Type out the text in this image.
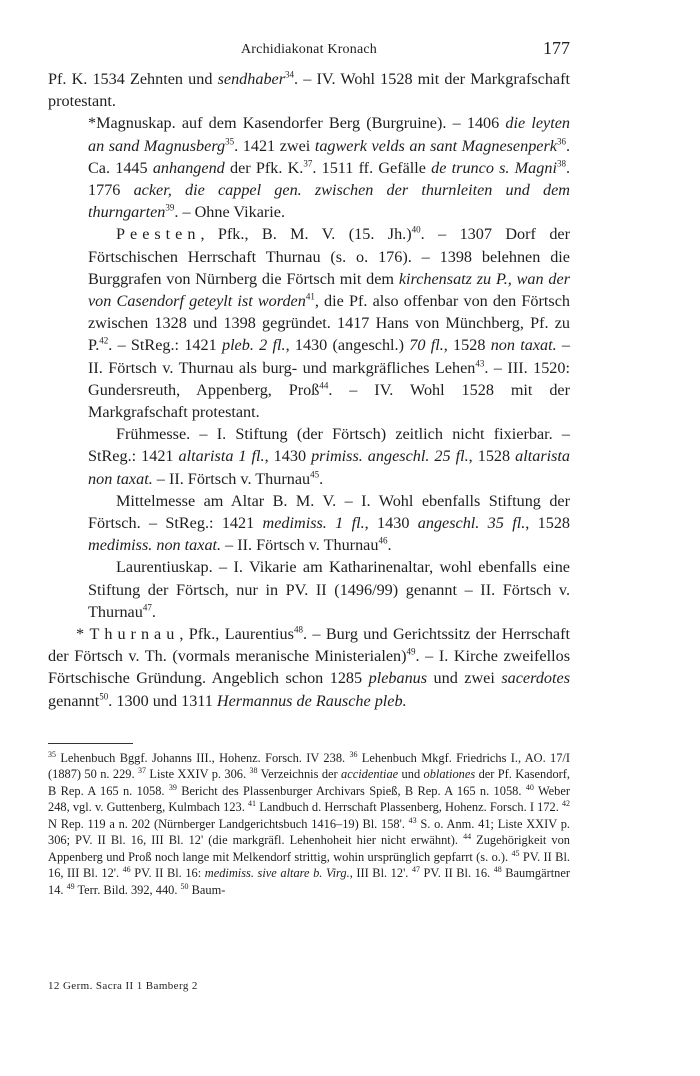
Archidiakonat Kronach	177

Pf. K. 1534 Zehnten und sendhaber$^{34}$. – IV. Wohl 1528 mit der Markgrafschaft protestant.

*Magnuskap. auf dem Kasendorfer Berg (Burgruine). – 1406 die leyten an sand Magnusberg$^{35}$. 1421 zwei tagwerk velds an sant Magnesenperk$^{36}$. Ca. 1445 anhangend der Pfk. K.$^{37}$. 1511 ff. Gefälle de trunco s. Magni$^{38}$. 1776 acker, die cappel gen. zwischen der thurnleiten und dem thurngarten$^{39}$. – Ohne Vikarie.

Peesten, Pfk., B. M. V. (15. Jh.)$^{40}$. – 1307 Dorf der Förtschischen Herrschaft Thurnau (s. o. 176). – 1398 belehnen die Burggrafen von Nürnberg die Förtsch mit dem kirchensatz zu P., wan der von Casendorf geteylt ist worden$^{41}$, die Pf. also offenbar von den Förtsch zwischen 1328 und 1398 gegründet. 1417 Hans von Münchberg, Pf. zu P.$^{42}$. – StReg.: 1421 pleb. 2 fl., 1430 (angeschl.) 70 fl., 1528 non taxat. – II. Förtsch v. Thurnau als burg- und markgräfliches Lehen$^{43}$. – III. 1520: Gundersreuth, Appenberg, Proß$^{44}$. – IV. Wohl 1528 mit der Markgrafschaft protestant.

Frühmesse. – I. Stiftung (der Förtsch) zeitlich nicht fixierbar. – StReg.: 1421 altarista 1 fl., 1430 primiss. angeschl. 25 fl., 1528 altarista non taxat. – II. Förtsch v. Thurnau$^{45}$.

Mittelmesse am Altar B. M. V. – I. Wohl ebenfalls Stiftung der Förtsch. – StReg.: 1421 medimiss. 1 fl., 1430 angeschl. 35 fl., 1528 medimiss. non taxat. – II. Förtsch v. Thurnau$^{46}$.

Laurentiuskap. – I. Vikarie am Katharinenaltar, wohl ebenfalls eine Stiftung der Förtsch, nur in PV. II (1496/99) genannt – II. Förtsch v. Thurnau$^{47}$.

* Thurnau, Pfk., Laurentius$^{48}$. – Burg und Gerichtssitz der Herrschaft der Förtsch v. Th. (vormals meranische Ministerialen)$^{49}$. – I. Kirche zweifellos Förtschische Gründung. Angeblich schon 1285 plebanus und zwei sacerdotes genannt$^{50}$. 1300 und 1311 Hermannus de Rausche pleb.

$^{35}$ Lehenbuch Bggf. Johanns III., Hohenz. Forsch. IV 238. $^{36}$ Lehenbuch Mkgf. Friedrichs I., AO. 17/I (1887) 50 n. 229. $^{37}$ Liste XXIV p. 306. $^{38}$ Verzeichnis der accidentiae und oblationes der Pf. Kasendorf, B Rep. A 165 n. 1058. $^{39}$ Bericht des Plassenburger Archivars Spieß, B Rep. A 165 n. 1058. $^{40}$ Weber 248, vgl. v. Guttenberg, Kulmbach 123. $^{41}$ Landbuch d. Herrschaft Plassenberg, Hohenz. Forsch. I 172. $^{42}$ N Rep. 119 a n. 202 (Nürnberger Landgerichtsbuch 1416–19) Bl. 158'. $^{43}$ S. o. Anm. 41; Liste XXIV p. 306; PV. II Bl. 16, III Bl. 12' (die markgräfl. Lehenhoheit hier nicht erwähnt). $^{44}$ Zugehörigkeit von Appenberg und Proß noch lange mit Melkendorf strittig, wohin ursprünglich gepfarrt (s. o.). $^{45}$ PV. II Bl. 16, III Bl. 12'. $^{46}$ PV. II Bl. 16: medimiss. sive altare b. Virg., III Bl. 12'. $^{47}$ PV. II Bl. 16. $^{48}$ Baumgärtner 14. $^{49}$ Terr. Bild. 392, 440. $^{50}$ Baum-
12 Germ. Sacra II 1 Bamberg 2
